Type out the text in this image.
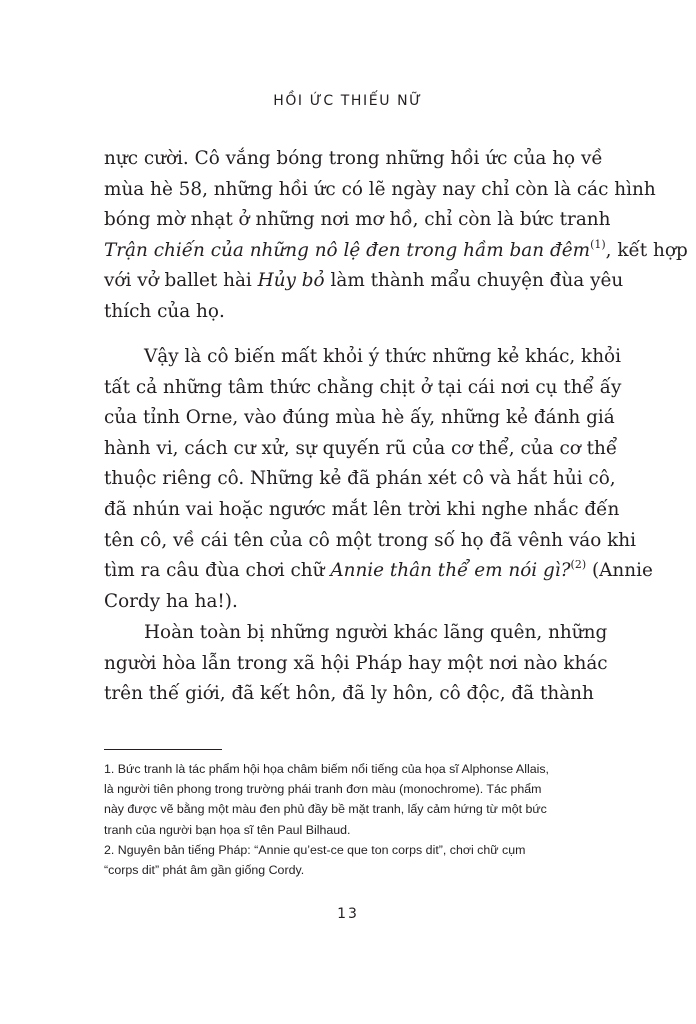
HỒI ỨC THIẾU NỮ

nực cười. Cô vắng bóng trong những hồi ức của họ về
mùa hè 58, những hồi ức có lẽ ngày nay chỉ còn là các hình
bóng mờ nhạt ở những nơi mơ hồ, chỉ còn là bức tranh
Trận chiến của những nô lệ đen trong hầm ban đêm$^{(1)}$, kết hợp
với vở ballet hài Hủy bỏ làm thành mẩu chuyện đùa yêu
thích của họ.

Vậy là cô biến mất khỏi ý thức những kẻ khác, khỏi
tất cả những tâm thức chằng chịt ở tại cái nơi cụ thể ấy
của tỉnh Orne, vào đúng mùa hè ấy, những kẻ đánh giá
hành vi, cách cư xử, sự quyến rũ của cơ thể, của cơ thể
thuộc riêng cô. Những kẻ đã phán xét cô và hắt hủi cô,
đã nhún vai hoặc ngước mắt lên trời khi nghe nhắc đến
tên cô, về cái tên của cô một trong số họ đã vênh váo khi
tìm ra câu đùa chơi chữ Annie thân thể em nói gì?$^{(2)}$ (Annie
Cordy ha ha!).

Hoàn toàn bị những người khác lãng quên, những
người hòa lẫn trong xã hội Pháp hay một nơi nào khác
trên thế giới, đã kết hôn, đã ly hôn, cô độc, đã thành

1. Bức tranh là tác phẩm hội họa châm biếm nổi tiếng của họa sĩ Alphonse Allais,
là người tiên phong trong trường phái tranh đơn màu (monochrome). Tác phẩm
này được vẽ bằng một màu đen phủ đầy bề mặt tranh, lấy cảm hứng từ một bức
tranh của người bạn họa sĩ tên Paul Bilhaud.
2. Nguyên bản tiếng Pháp: “Annie qu’est-ce que ton corps dit”, chơi chữ cụm
“corps dit” phát âm gần giống Cordy.
13
